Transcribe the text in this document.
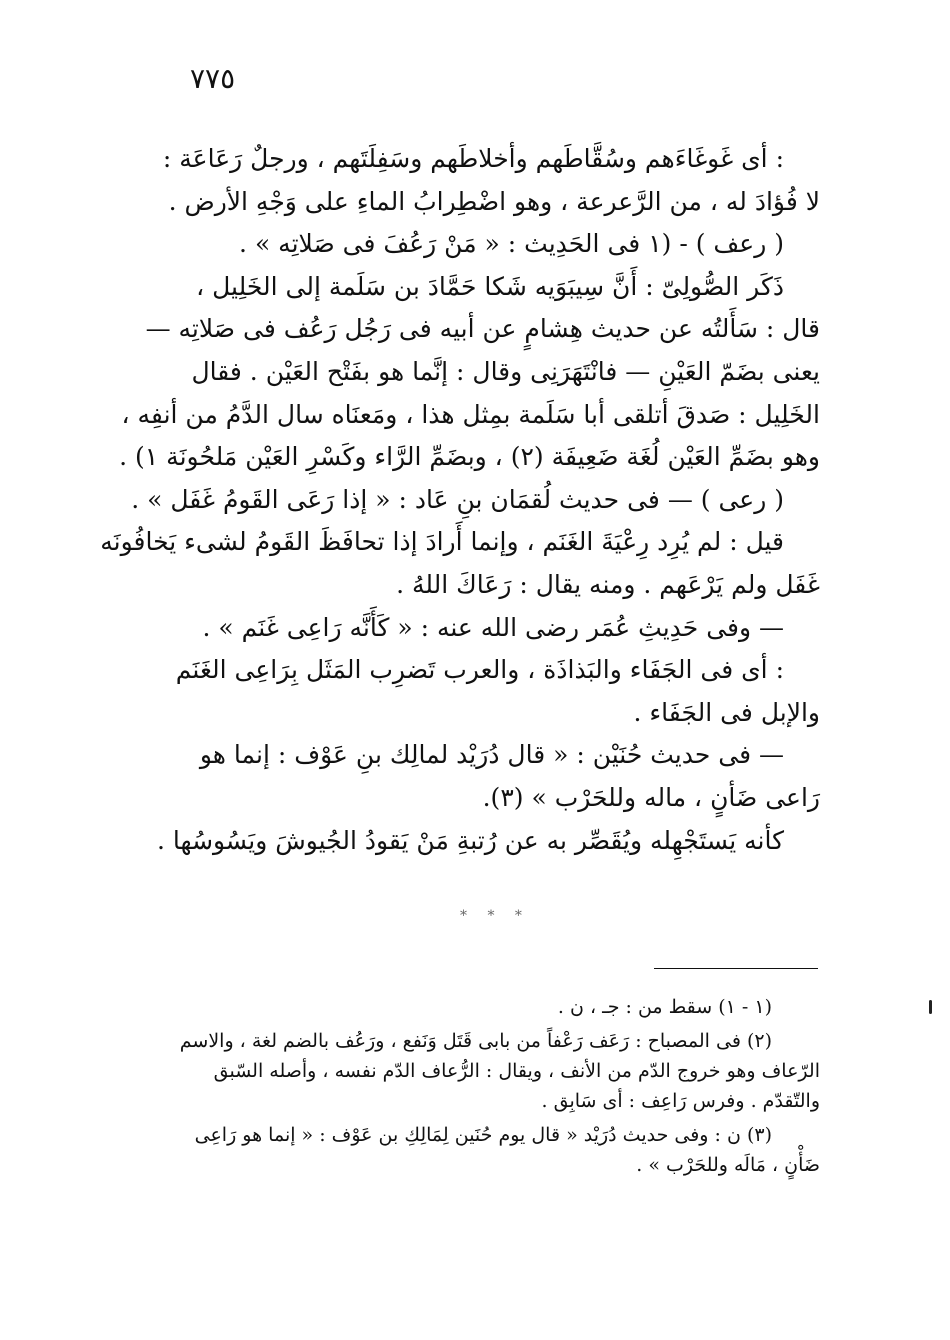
٧٧٥
: أى غَوغَاءَهم وسُقَّاطَهم وأخلاطَهم وسَفِلَتَهم ، ورجلٌ رَعَاعَة :
لا فُؤادَ له ، من الرَّعرعة ، وهو اضْطِرابُ الماءِ على وَجْهِ الأرض .
( رعف ) - (١ فى الحَدِيث : « مَنْ رَعُفَ فى صَلاتِه » .
ذَكَر الصُّولِىّ : أَنَّ سِيبَوَيه شَكا حَمَّادَ بن سَلَمة إلى الخَلِيل ،
قال : سَأَلتُه عن حديث هِشامٍ عن أبيه فى رَجُل رَعُف فى صَلاتِه —
يعنى بضَمّ العَيْنِ — فانْتَهَرَنِى وقال : إنَّما هو بفَتْح العَيْن . فقال
الخَلِيل : صَدقَ أتلقى أبا سَلَمة بمِثل هذا ، ومَعنَاه سال الدَّمُ من أنفِه ،
وهو بضَمِّ العَيْن لُغَة ضَعِيفَة (٢) ، وبضَمِّ الرَّاء وكَسْرِ العَيْن مَلحُونَة ١) .
( رعى ) — فى حديث لُقمَان بنِ عَاد : « إذا رَعَى القَومُ غَفَل » .
قيل : لم يُرِد رِعْيَةَ الغَنَم ، وإنما أَرادَ إذا تحافَظَ القَومُ لشىء يَخافُونَه
غَفَل ولم يَرْعَهم . ومنه يقال : رَعَاكَ اللهُ .
— وفى حَدِيثِ عُمَر رضى الله عنه : « كَأَنَّه رَاعِى غَنَم » .
: أى فى الجَفَاء والبَذاذَة ، والعرب تَضرِب المَثَل بِرَاعِى الغَنَم
والإبل فى الجَفَاء .
— فى حديث حُنَيْن : « قال دُرَيْد لمالِك بنِ عَوْف : إنما هو
رَاعى ضَأنٍ ، ماله وللحَرْب » (٣).
كأنه يَستَجْهِله ويُقَصِّر به عن رُتبةِ مَنْ يَقودُ الجُيوشَ ويَسُوسُها .
* * *
(١ - ١) سقط من : جـ ، ن .
(٢) فى المصباح : رَعَف رَعْفاً من بابى قَتَل وَنَفع ، ورَعُف بالضم لغة ، والاسم
الرّعاف وهو خروج الدّم من الأنف ، ويقال : الرُّعاف الدّم نفسه ، وأصله السّبق
والتّقدّم . وفرس رَاعِف : أى سَابِق .
(٣) ن : وفى حديث دُرَيْد « قال يوم حُنَين لِمَالِكِ بن عَوْف : « إنما هو رَاعِى
ضَأْنٍ ، مَالَه وللحَرْب » .
